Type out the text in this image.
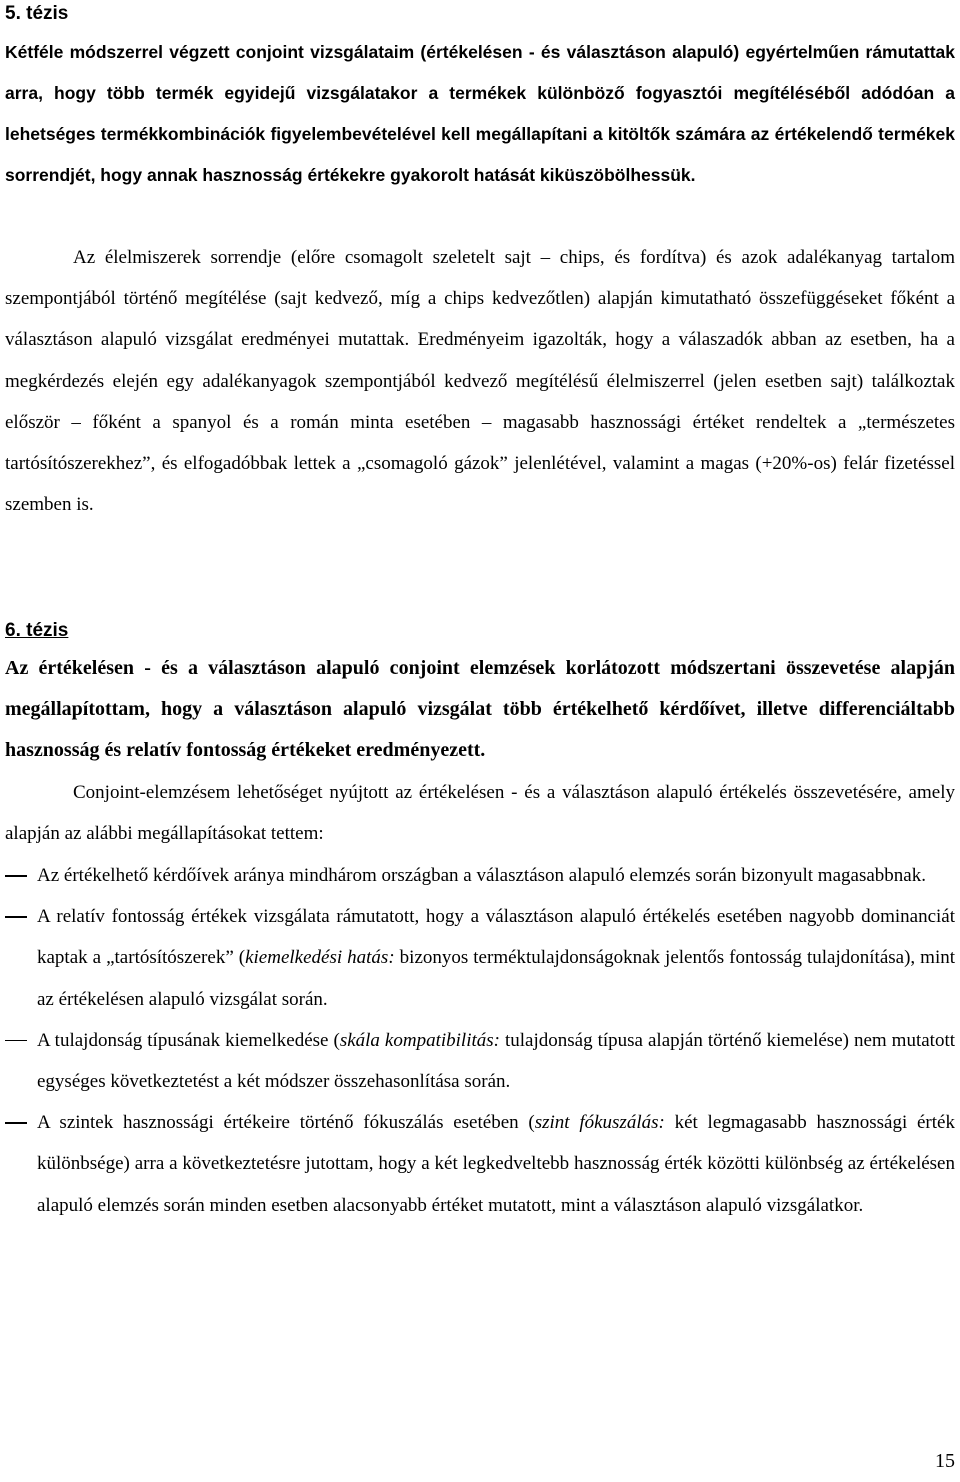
5. tézis

Kétféle módszerrel végzett conjoint vizsgálataim (értékelésen - és választáson alapuló) egyértelműen rámutattak arra, hogy több termék egyidejű vizsgálatakor a termékek különböző fogyasztói megítéléséből adódóan a lehetséges termékkombinációk figyelembevételével kell megállapítani a kitöltők számára az értékelendő termékek sorrendjét, hogy annak hasznosság értékekre gyakorolt hatását kiküszöbölhessük.

Az élelmiszerek sorrendje (előre csomagolt szeletelt sajt – chips, és fordítva) és azok adalékanyag tartalom szempontjából történő megítélése (sajt kedvező, míg a chips kedvezőtlen) alapján kimutatható összefüggéseket főként a választáson alapuló vizsgálat eredményei mutattak. Eredményeim igazolták, hogy a válaszadók abban az esetben, ha a megkérdezés elején egy adalékanyagok szempontjából kedvező megítélésű élelmiszerrel (jelen esetben sajt) találkoztak először – főként a spanyol és a román minta esetében – magasabb hasznossági értéket rendeltek a „természetes tartósítószerekhez”, és elfogadóbbak lettek a „csomagoló gázok” jelenlétével, valamint a magas (+20%-os) felár fizetéssel szemben is.

6. tézis

Az értékelésen - és a választáson alapuló conjoint elemzések korlátozott módszertani összevetése alapján megállapítottam, hogy a választáson alapuló vizsgálat több értékelhető kérdőívet, illetve differenciáltabb hasznosság és relatív fontosság értékeket eredményezett.

Conjoint-elemzésem lehetőséget nyújtott az értékelésen - és a választáson alapuló értékelés összevetésére, amely alapján az alábbi megállapításokat tettem:

Az értékelhető kérdőívek aránya mindhárom országban a választáson alapuló elemzés során bizonyult magasabbnak.
A relatív fontosság értékek vizsgálata rámutatott, hogy a választáson alapuló értékelés esetében nagyobb dominanciát kaptak a „tartósítószerek” (kiemelkedési hatás: bizonyos terméktulajdonságoknak jelentős fontosság tulajdonítása), mint az értékelésen alapuló vizsgálat során.
A tulajdonság típusának kiemelkedése (skála kompatibilitás: tulajdonság típusa alapján történő kiemelése) nem mutatott egységes következtetést a két módszer összehasonlítása során.
A szintek hasznossági értékeire történő fókuszálás esetében (szint fókuszálás: két legmagasabb hasznossági érték különbsége) arra a következtetésre jutottam, hogy a két legkedveltebb hasznosság érték közötti különbség az értékelésen alapuló elemzés során minden esetben alacsonyabb értéket mutatott, mint a választáson alapuló vizsgálatkor.
15
